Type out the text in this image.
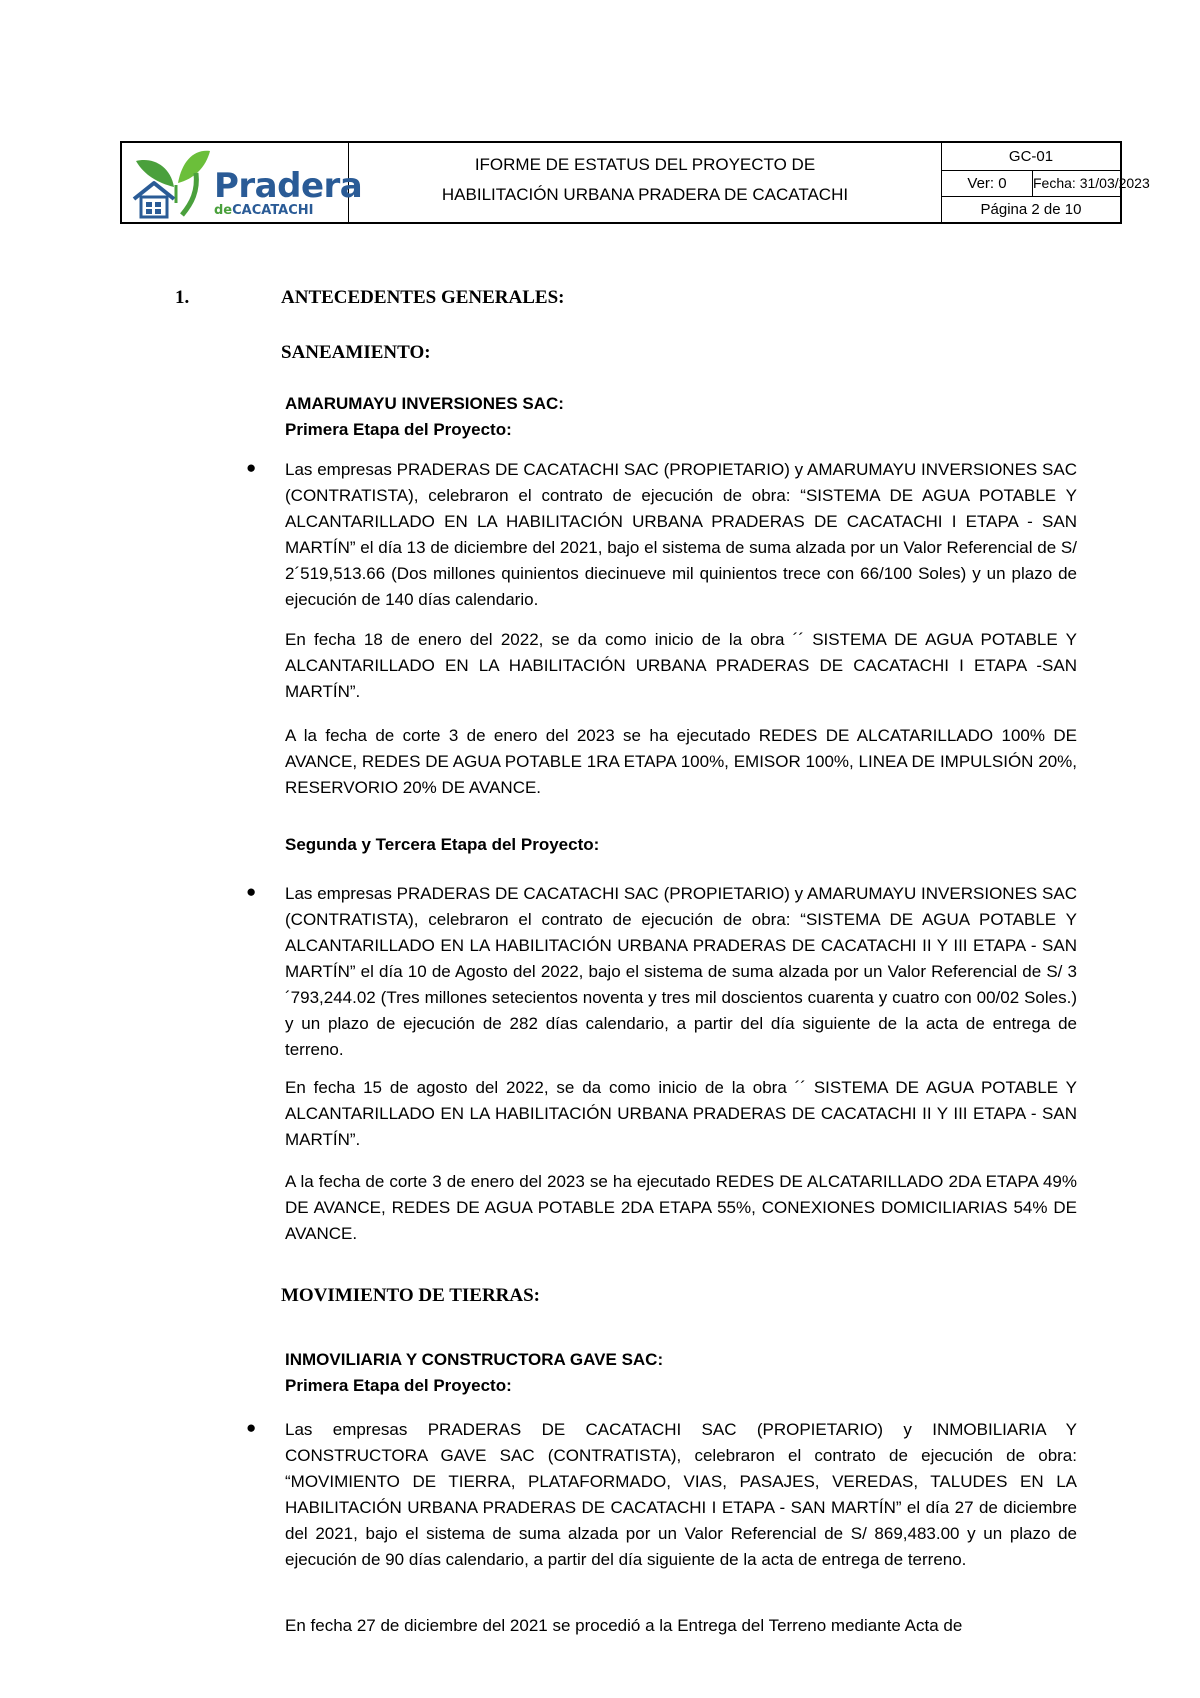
Pradera
deCACATACHI
IFORME DE ESTATUS DEL PROYECTO DE
HABILITACIÓN URBANA PRADERA DE CACATACHI
GC-01
Ver: 0	Fecha: 31/03/2023
Página 2 de 10
1.	ANTECEDENTES GENERALES:
SANEAMIENTO:
AMARUMAYU INVERSIONES SAC:
Primera Etapa del Proyecto:
● Las empresas PRADERAS DE CACATACHI SAC (PROPIETARIO) y AMARUMAYU INVERSIONES SAC (CONTRATISTA), celebraron el contrato de ejecución de obra: “SISTEMA DE AGUA POTABLE Y ALCANTARILLADO EN LA HABILITACIÓN URBANA PRADERAS DE CACATACHI I ETAPA - SAN MARTÍN” el día 13 de diciembre del 2021, bajo el sistema de suma alzada por un Valor Referencial de S/ 2´519,513.66 (Dos millones quinientos diecinueve mil quinientos trece con 66/100 Soles) y un plazo de ejecución de 140 días calendario.
En fecha 18 de enero del 2022, se da como inicio de la obra ´´ SISTEMA DE AGUA POTABLE Y ALCANTARILLADO EN LA HABILITACIÓN URBANA PRADERAS DE CACATACHI I ETAPA -SAN MARTÍN”.
A la fecha de corte 3 de enero del 2023 se ha ejecutado REDES DE ALCATARILLADO 100% DE AVANCE, REDES DE AGUA POTABLE 1RA ETAPA 100%, EMISOR 100%, LINEA DE IMPULSIÓN 20%, RESERVORIO 20% DE AVANCE.
Segunda y Tercera Etapa del Proyecto:
● Las empresas PRADERAS DE CACATACHI SAC (PROPIETARIO) y AMARUMAYU INVERSIONES SAC (CONTRATISTA), celebraron el contrato de ejecución de obra: “SISTEMA DE AGUA POTABLE Y ALCANTARILLADO EN LA HABILITACIÓN URBANA PRADERAS DE CACATACHI II Y III ETAPA - SAN MARTÍN” el día 10 de Agosto del 2022, bajo el sistema de suma alzada por un Valor Referencial de S/ 3´793,244.02 (Tres millones setecientos noventa y tres mil doscientos cuarenta y cuatro con 00/02 Soles.) y un plazo de ejecución de 282 días calendario, a partir del día siguiente de la acta de entrega de terreno.
En fecha 15 de agosto del 2022, se da como inicio de la obra ´´ SISTEMA DE AGUA POTABLE Y ALCANTARILLADO EN LA HABILITACIÓN URBANA PRADERAS DE CACATACHI II Y III ETAPA - SAN MARTÍN”.
A la fecha de corte 3 de enero del 2023 se ha ejecutado REDES DE ALCATARILLADO 2DA ETAPA 49% DE AVANCE, REDES DE AGUA POTABLE 2DA ETAPA 55%, CONEXIONES DOMICILIARIAS 54% DE AVANCE.
MOVIMIENTO DE TIERRAS:
INMOVILIARIA Y CONSTRUCTORA GAVE SAC:
Primera Etapa del Proyecto:
● Las empresas PRADERAS DE CACATACHI SAC (PROPIETARIO) y INMOBILIARIA Y CONSTRUCTORA GAVE SAC (CONTRATISTA), celebraron el contrato de ejecución de obra: “MOVIMIENTO DE TIERRA, PLATAFORMADO, VIAS, PASAJES, VEREDAS, TALUDES EN LA HABILITACIÓN URBANA PRADERAS DE CACATACHI I ETAPA - SAN MARTÍN” el día 27 de diciembre del 2021, bajo el sistema de suma alzada por un Valor Referencial de S/ 869,483.00 y un plazo de ejecución de 90 días calendario, a partir del día siguiente de la acta de entrega de terreno.
En fecha 27 de diciembre del 2021 se procedió a la Entrega del Terreno mediante Acta de
